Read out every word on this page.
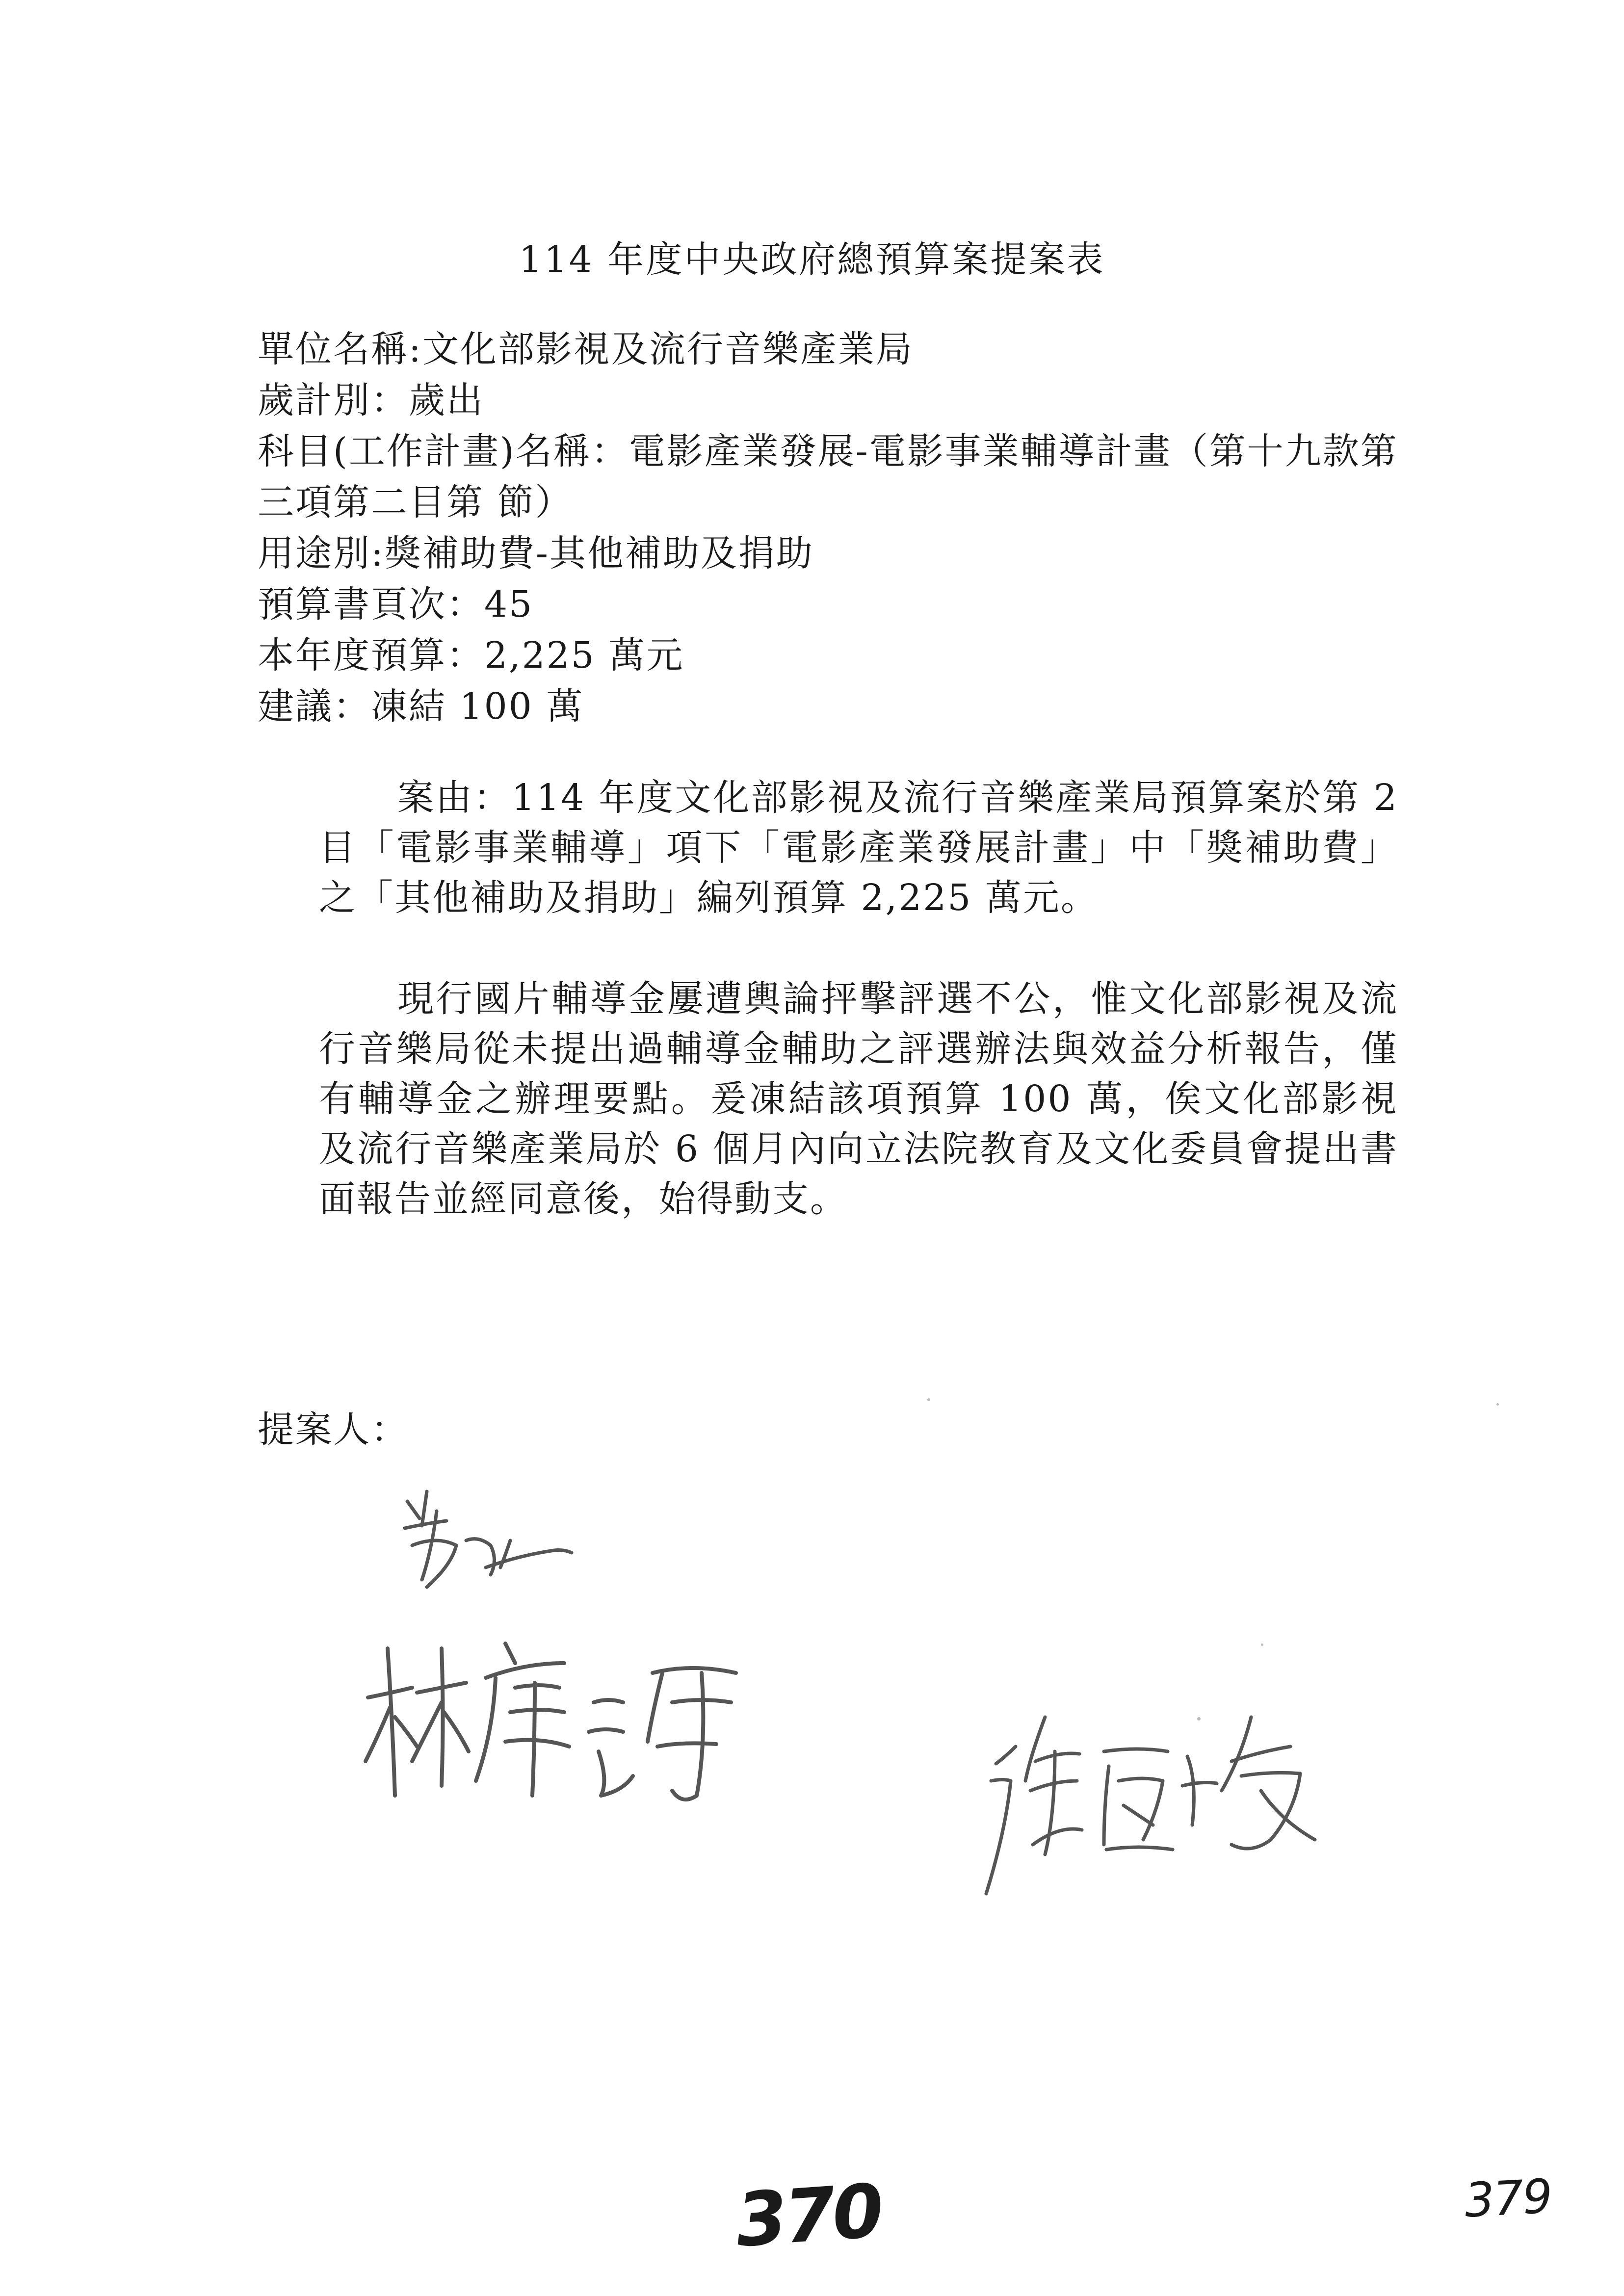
114 年度中央政府總預算案提案表
單位名稱:文化部影視及流行音樂產業局
歲計別：歲出
科目(工作計畫)名稱：電影產業發展-電影事業輔導計畫（第十九款第三項第二目第 節）
用途別:獎補助費-其他補助及捐助
預算書頁次：45
本年度預算：2,225 萬元
建議：凍結 100 萬
案由：114 年度文化部影視及流行音樂產業局預算案於第 2 目「電影事業輔導」項下「電影產業發展計畫」中「獎補助費」之「其他補助及捐助」編列預算 2,225 萬元。
現行國片輔導金屢遭輿論抨擊評選不公，惟文化部影視及流行音樂局從未提出過輔導金輔助之評選辦法與效益分析報告，僅有輔導金之辦理要點。爰凍結該項預算 100 萬，俟文化部影視及流行音樂產業局於 6 個月內向立法院教育及文化委員會提出書面報告並經同意後，始得動支。
提案人：
370	379
